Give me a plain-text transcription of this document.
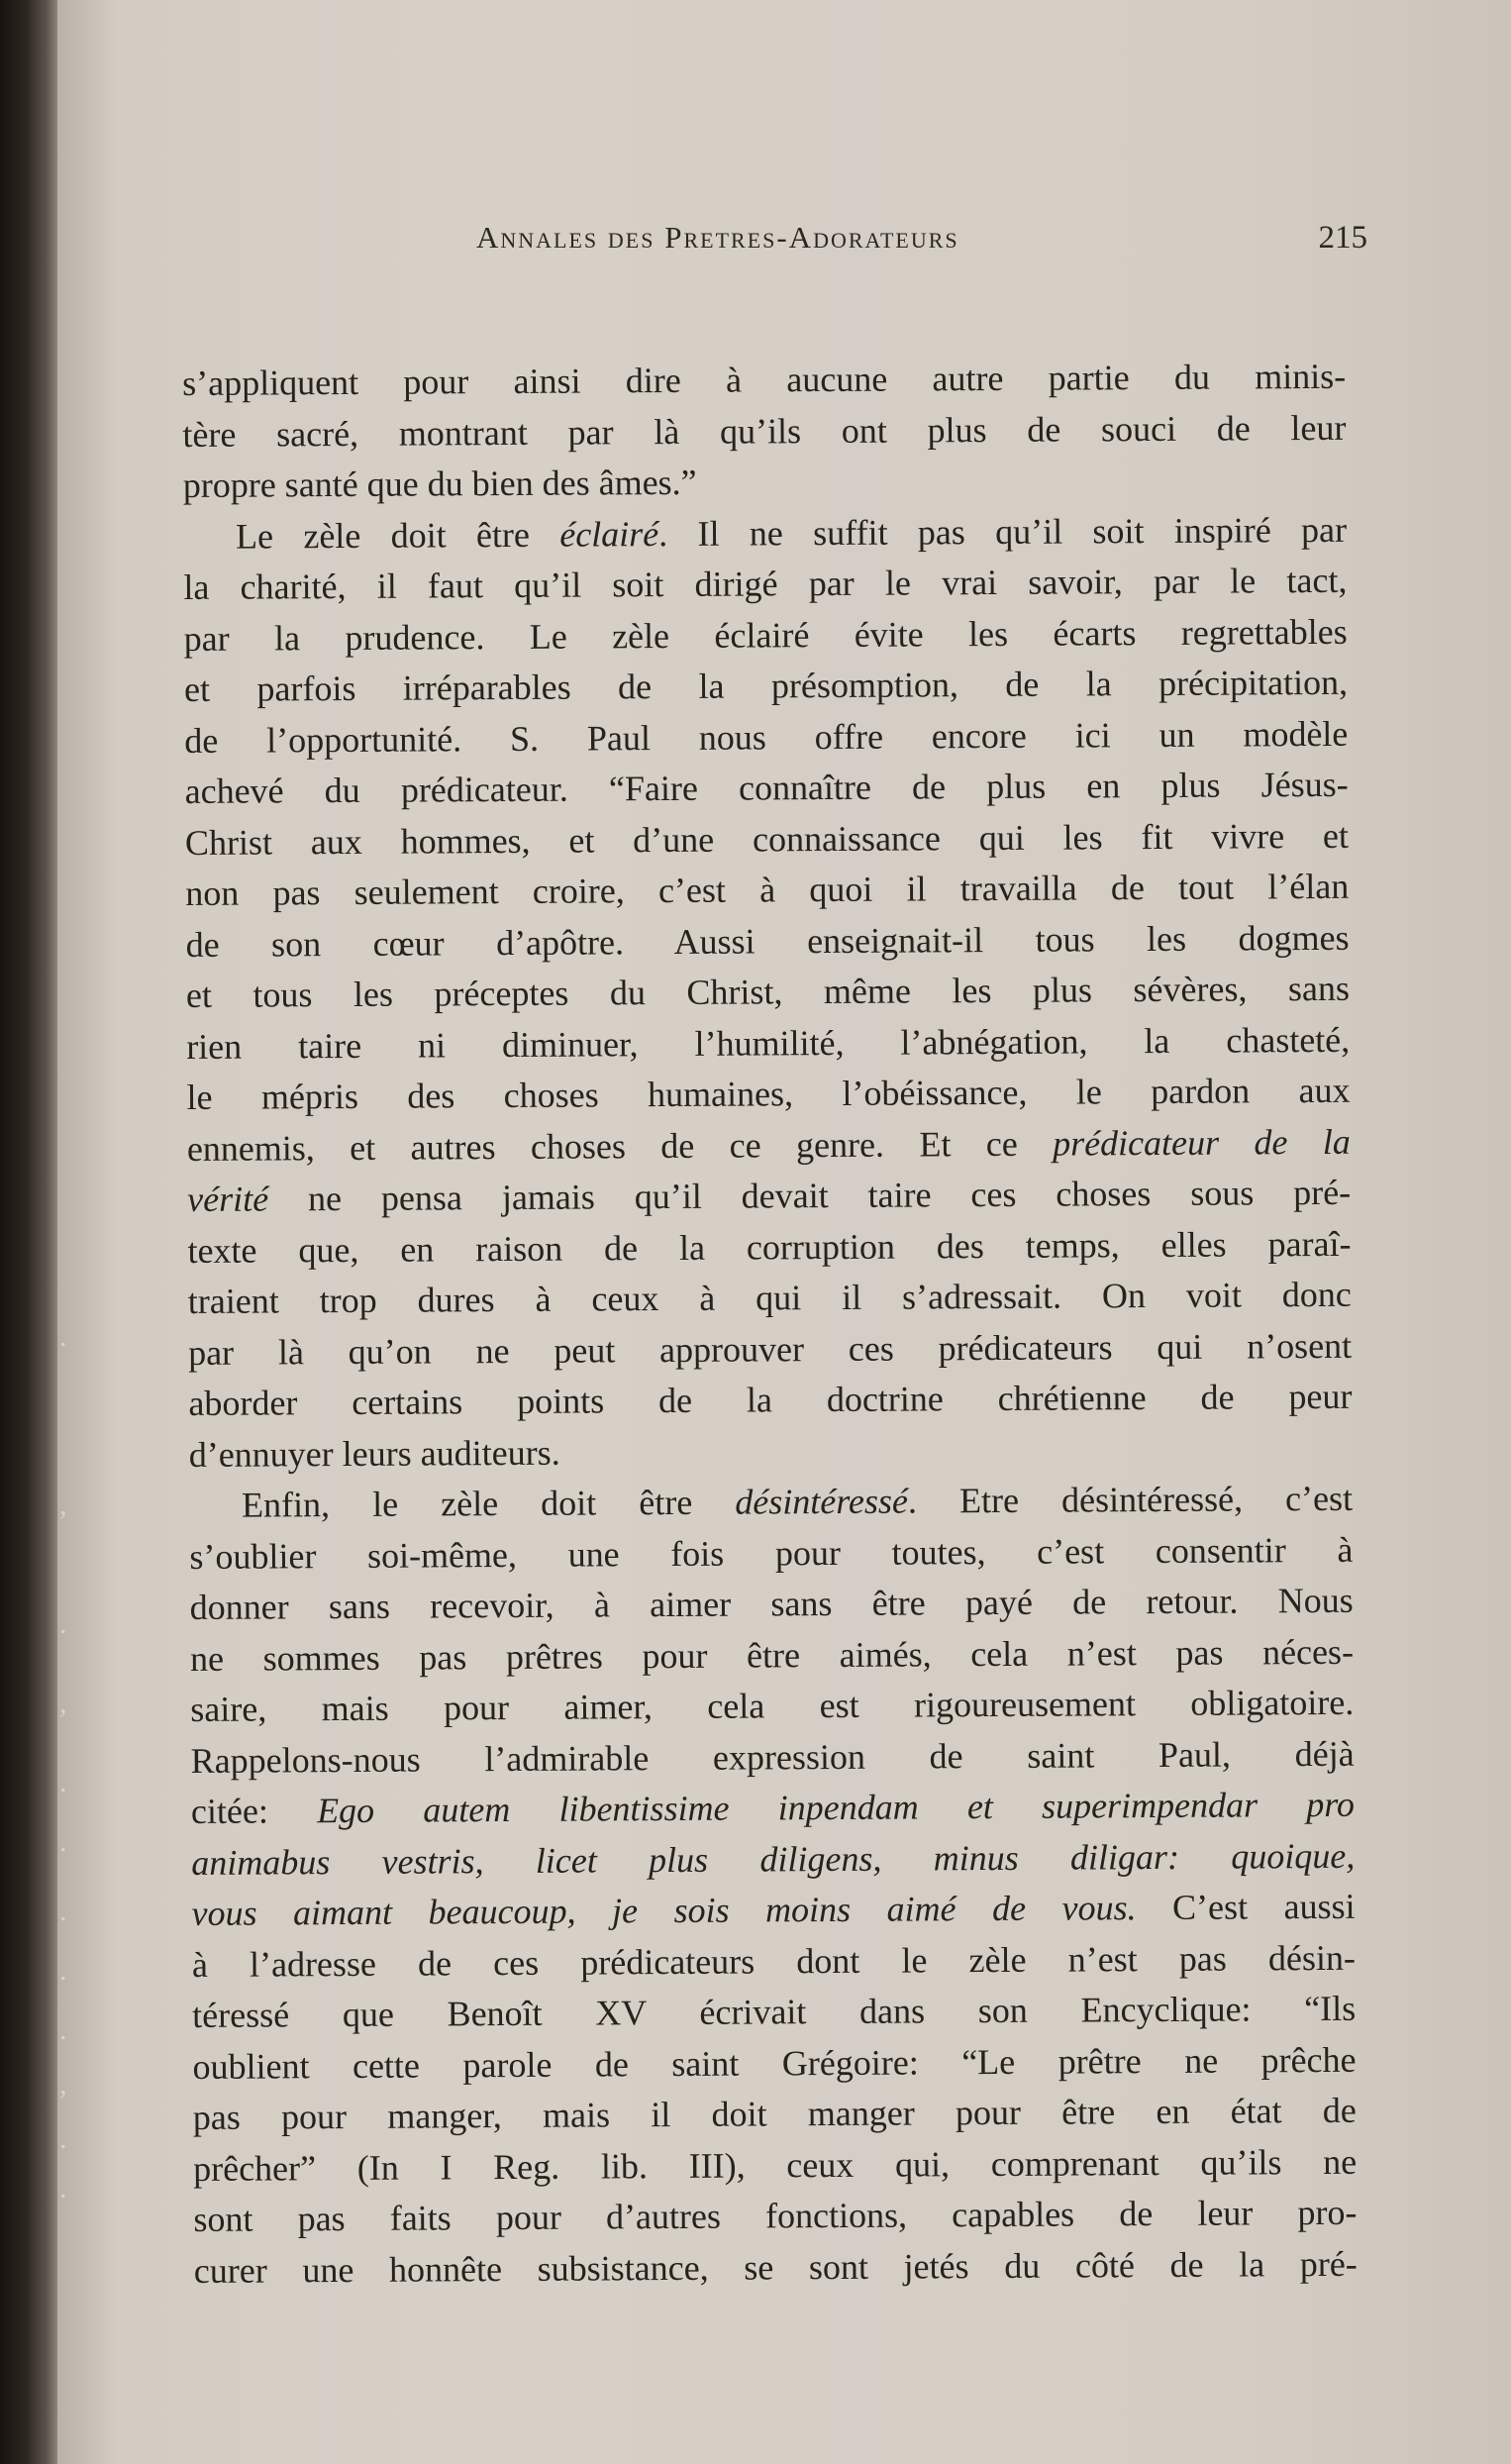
.
,
.
,
.
.
.
.
.
,
.
.
Annales des Pretres-Adorateurs	215
s’appliquent pour ainsi dire à aucune autre partie du minis-
tère sacré, montrant par là qu’ils ont plus de souci de leur
propre santé que du bien des âmes.”
Le zèle doit être éclairé. Il ne suffit pas qu’il soit inspiré par
la charité, il faut qu’il soit dirigé par le vrai savoir, par le tact,
par la prudence. Le zèle éclairé évite les écarts regrettables
et parfois irréparables de la présomption, de la précipitation,
de l’opportunité. S. Paul nous offre encore ici un modèle
achevé du prédicateur. “Faire connaître de plus en plus Jésus-
Christ aux hommes, et d’une connaissance qui les fit vivre et
non pas seulement croire, c’est à quoi il travailla de tout l’élan
de son cœur d’apôtre. Aussi enseignait-il tous les dogmes
et tous les préceptes du Christ, même les plus sévères, sans
rien taire ni diminuer, l’humilité, l’abnégation, la chasteté,
le mépris des choses humaines, l’obéissance, le pardon aux
ennemis, et autres choses de ce genre. Et ce prédicateur de la
vérité ne pensa jamais qu’il devait taire ces choses sous pré-
texte que, en raison de la corruption des temps, elles paraî-
traient trop dures à ceux à qui il s’adressait. On voit donc
par là qu’on ne peut approuver ces prédicateurs qui n’osent
aborder certains points de la doctrine chrétienne de peur
d’ennuyer leurs auditeurs.
Enfin, le zèle doit être désintéressé. Etre désintéressé, c’est
s’oublier soi-même, une fois pour toutes, c’est consentir à
donner sans recevoir, à aimer sans être payé de retour. Nous
ne sommes pas prêtres pour être aimés, cela n’est pas néces-
saire, mais pour aimer, cela est rigoureusement obligatoire.
Rappelons-nous l’admirable expression de saint Paul, déjà
citée: Ego autem libentissime inpendam et superimpendar pro
animabus vestris, licet plus diligens, minus diligar: quoique,
vous aimant beaucoup, je sois moins aimé de vous. C’est aussi
à l’adresse de ces prédicateurs dont le zèle n’est pas désin-
téressé que Benoît XV écrivait dans son Encyclique: “Ils
oublient cette parole de saint Grégoire: “Le prêtre ne prêche
pas pour manger, mais il doit manger pour être en état de
prêcher” (In I Reg. lib. III), ceux qui, comprenant qu’ils ne
sont pas faits pour d’autres fonctions, capables de leur pro-
curer une honnête subsistance, se sont jetés du côté de la pré-
